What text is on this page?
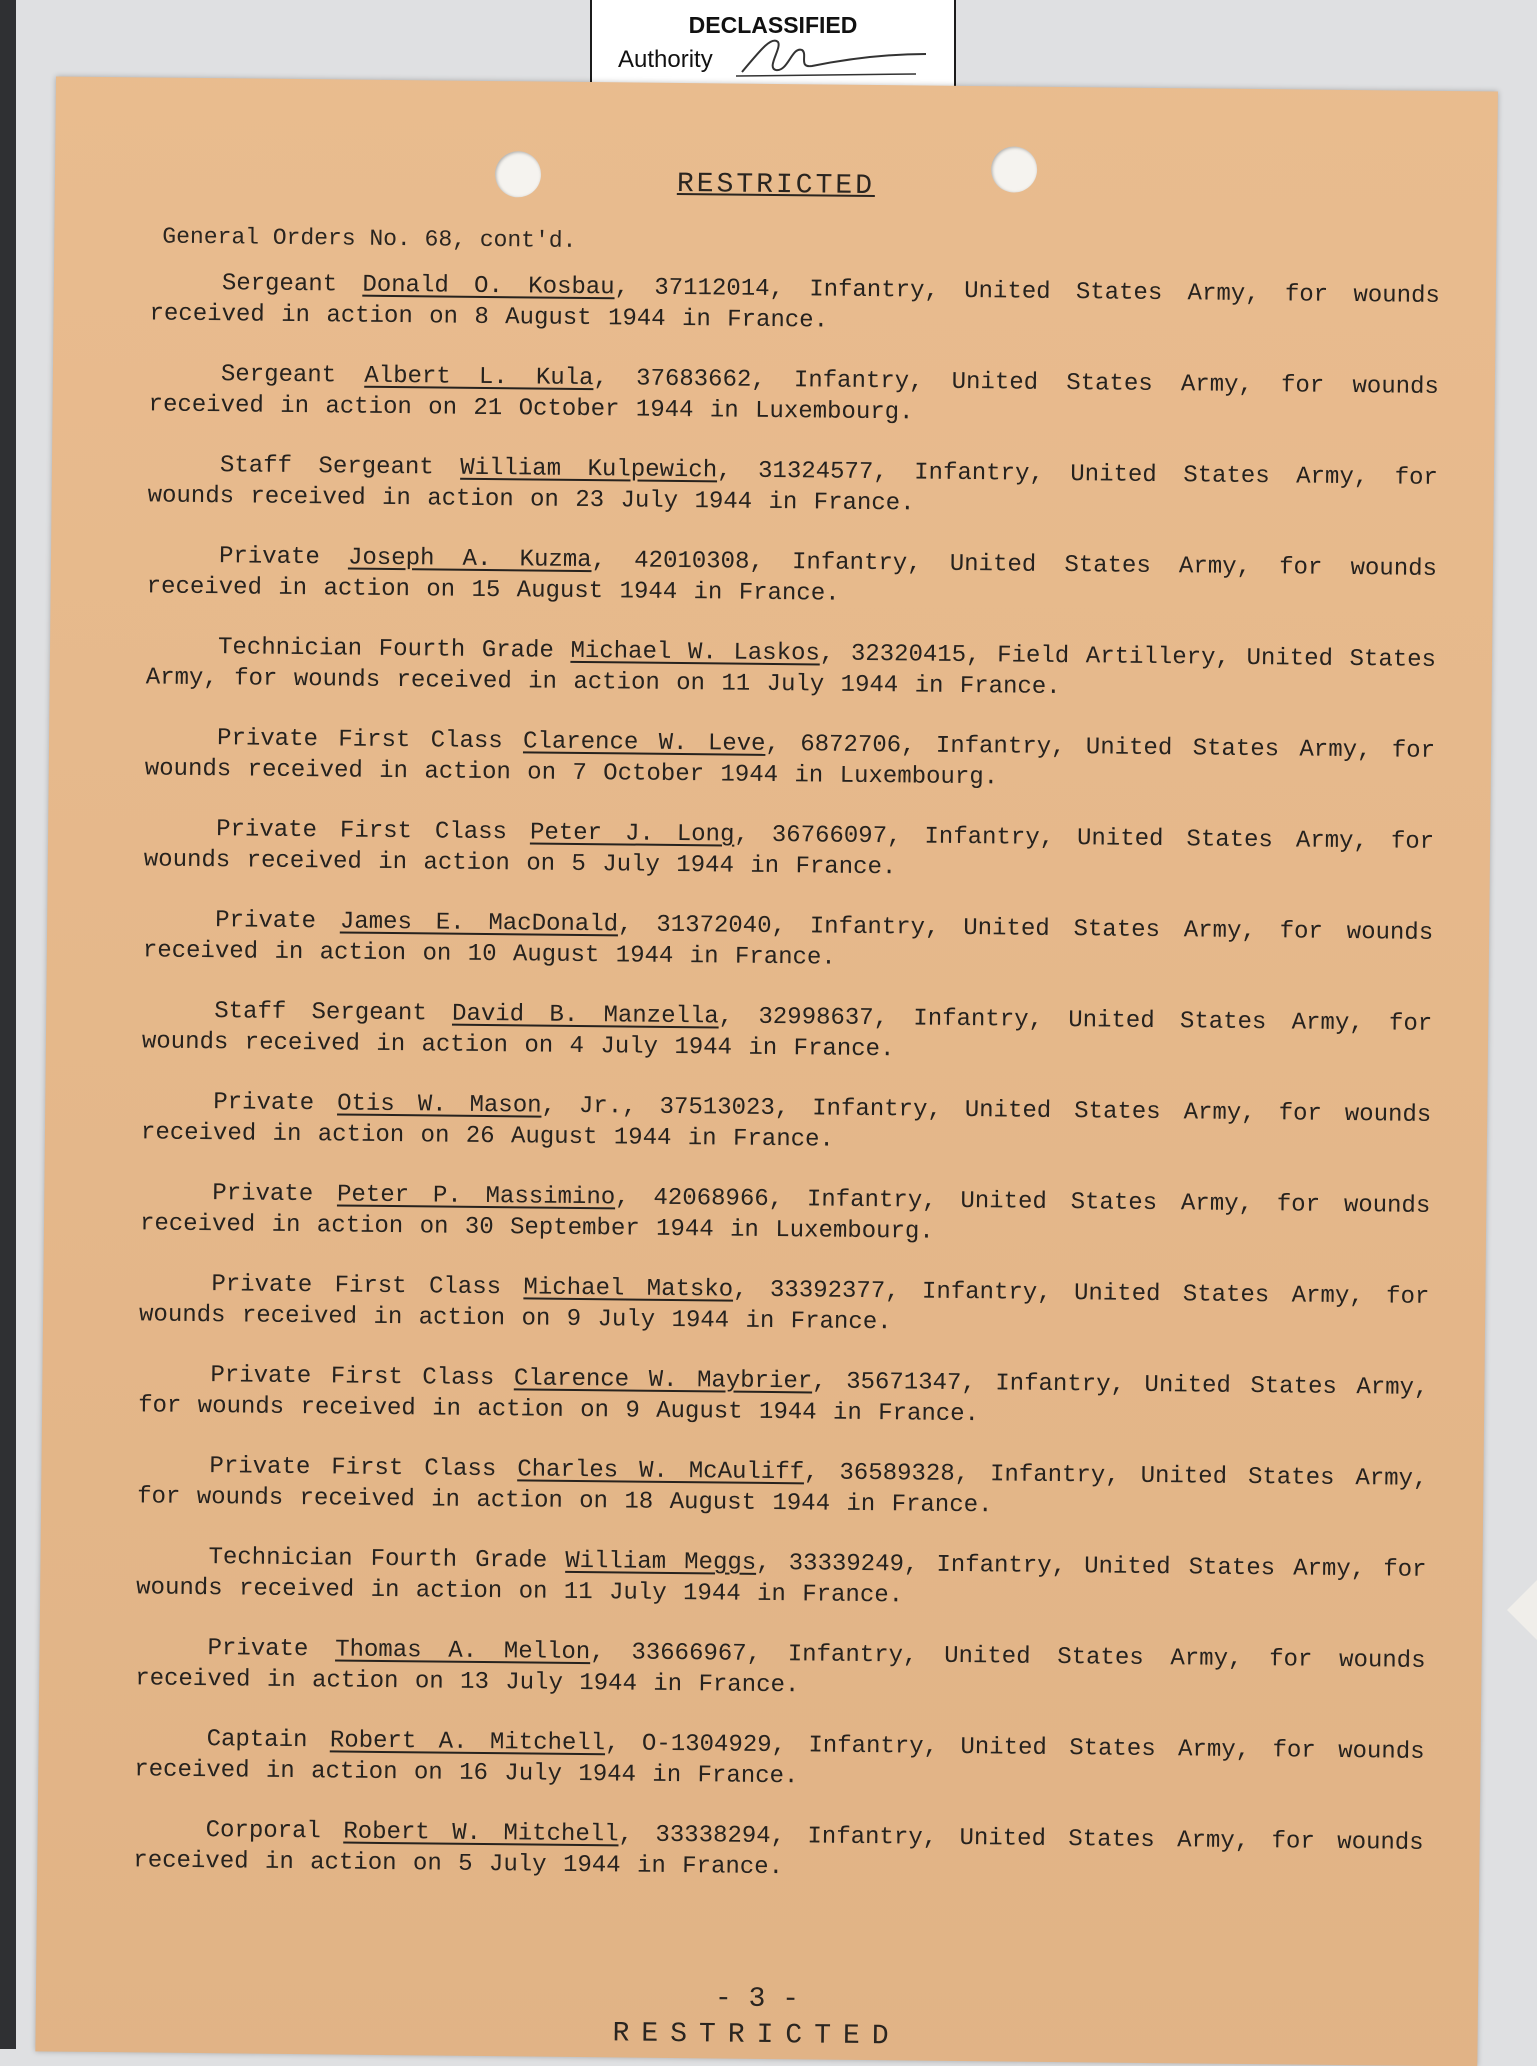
DECLASSIFIED
Authority
RESTRICTED
General Orders No. 68, cont'd.

Sergeant Donald O. Kosbau, 37112014, Infantry, United States Army, for wounds received in action on 8 August 1944 in France.

Sergeant Albert L. Kula, 37683662, Infantry, United States Army, for wounds received in action on 21 October 1944 in Luxembourg.

Staff Sergeant William Kulpewich, 31324577, Infantry, United States Army, for wounds received in action on 23 July 1944 in France.

Private Joseph A. Kuzma, 42010308, Infantry, United States Army, for wounds received in action on 15 August 1944 in France.

Technician Fourth Grade Michael W. Laskos, 32320415, Field Artillery, United States Army, for wounds received in action on 11 July 1944 in France.

Private First Class Clarence W. Leve, 6872706, Infantry, United States Army, for wounds received in action on 7 October 1944 in Luxembourg.

Private First Class Peter J. Long, 36766097, Infantry, United States Army, for wounds received in action on 5 July 1944 in France.

Private James E. MacDonald, 31372040, Infantry, United States Army, for wounds received in action on 10 August 1944 in France.

Staff Sergeant David B. Manzella, 32998637, Infantry, United States Army, for wounds received in action on 4 July 1944 in France.

Private Otis W. Mason, Jr., 37513023, Infantry, United States Army, for wounds received in action on 26 August 1944 in France.

Private Peter P. Massimino, 42068966, Infantry, United States Army, for wounds received in action on 30 September 1944 in Luxembourg.

Private First Class Michael Matsko, 33392377, Infantry, United States Army, for wounds received in action on 9 July 1944 in France.

Private First Class Clarence W. Maybrier, 35671347, Infantry, United States Army, for wounds received in action on 9 August 1944 in France.

Private First Class Charles W. McAuliff, 36589328, Infantry, United States Army, for wounds received in action on 18 August 1944 in France.

Technician Fourth Grade William Meggs, 33339249, Infantry, United States Army, for wounds received in action on 11 July 1944 in France.

Private Thomas A. Mellon, 33666967, Infantry, United States Army, for wounds received in action on 13 July 1944 in France.

Captain Robert A. Mitchell, O-1304929, Infantry, United States Army, for wounds received in action on 16 July 1944 in France.

Corporal Robert W. Mitchell, 33338294, Infantry, United States Army, for wounds received in action on 5 July 1944 in France.

- 3 -
RESTRICTED
